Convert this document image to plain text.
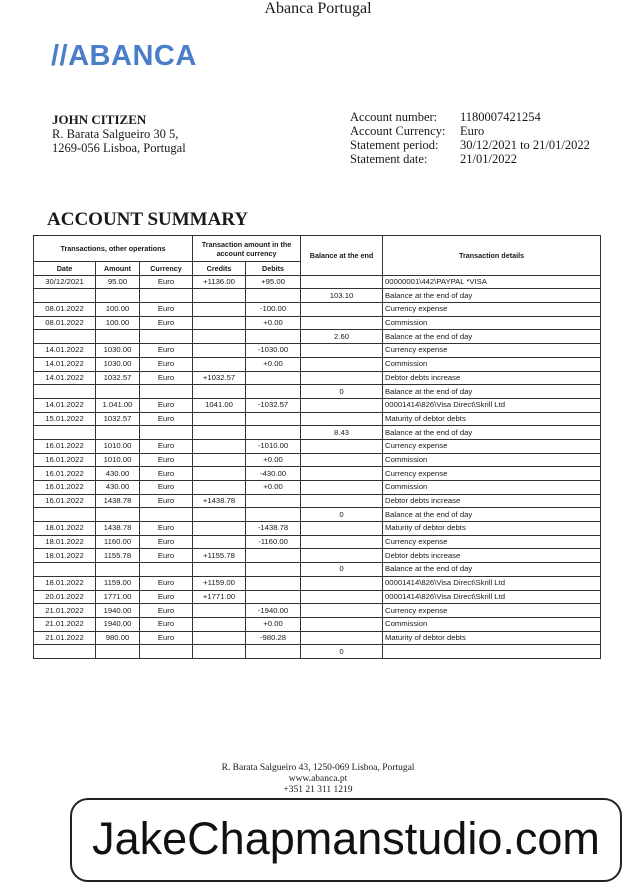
//ABANCA
JOHN CITIZEN
R. Barata Salgueiro 30 5,
1269-056 Lisboa, Portugal
Account number:	1180007421254
Account Currency:	Euro
Statement period:	30/12/2021 to 21/01/2022
Statement date:	21/01/2022
ACCOUNT SUMMARY
Transactions, other operations			Transaction amount in the account currency		Balance at the end	Transaction details
Date	Amount	Currency	Credits	Debits		
30/12/2021	95.00	Euro	+1136.00	+95.00		00000001\442\PAYPAL *VISA
					103.10	Balance at the end of day
08.01.2022	100.00	Euro		-100.00		Currency expense
08.01.2022	100.00	Euro		+0.00		Commission
					2.60	Balance at the end of day
14.01.2022	1030.00	Euro		-1030.00		Currency expense
14.01.2022	1030.00	Euro		+0.00		Commission
14.01.2022	1032.57	Euro	+1032.57			Debtor debts increase
					0	Balance at the end of day
14.01.2022	1.041.00	Euro	1041.00	-1032.57		00001414\826\Visa Direct\Skrill Ltd
15.01.2022	1032.57	Euro				Maturity of debtor debts
					8.43	Balance at the end of day
16.01.2022	1010.00	Euro		-1010.00		Currency expense
16.01.2022	1010.00	Euro		+0.00		Commission
16.01.2022	430.00	Euro		-430.00		Currency expense
16.01.2022	430.00	Euro		+0.00		Commission
16.01.2022	1438.78	Euro	+1438.78			Debtor debts increase
					0	Balance at the end of day
18.01.2022	1438.78	Euro		-1438.78		Maturity of debtor debts
18.01.2022	1160.00	Euro		-1160.00		Currency expense
18.01.2022	1155.78	Euro	+1155.78			Debtor debts increase
					0	Balance at the end of day
18.01.2022	1159.00	Euro	+1159.00			00001414\826\Visa Direct\Skrill Ltd
20.01.2022	1771.00	Euro	+1771.00			00001414\826\Visa Direct\Skrill Ltd
21.01.2022	1940.00	Euro		-1940.00		Currency expense
21.01.2022	1940.00	Euro		+0.00		Commission
21.01.2022	980.00	Euro		-980.28		Maturity of debtor debts
					0	
Abanca Portugal
R. Barata Salgueiro 43, 1250-069 Lisboa, Portugal
www.abanca.pt
+351 21 311 1219
JakeChapmanstudio.com
